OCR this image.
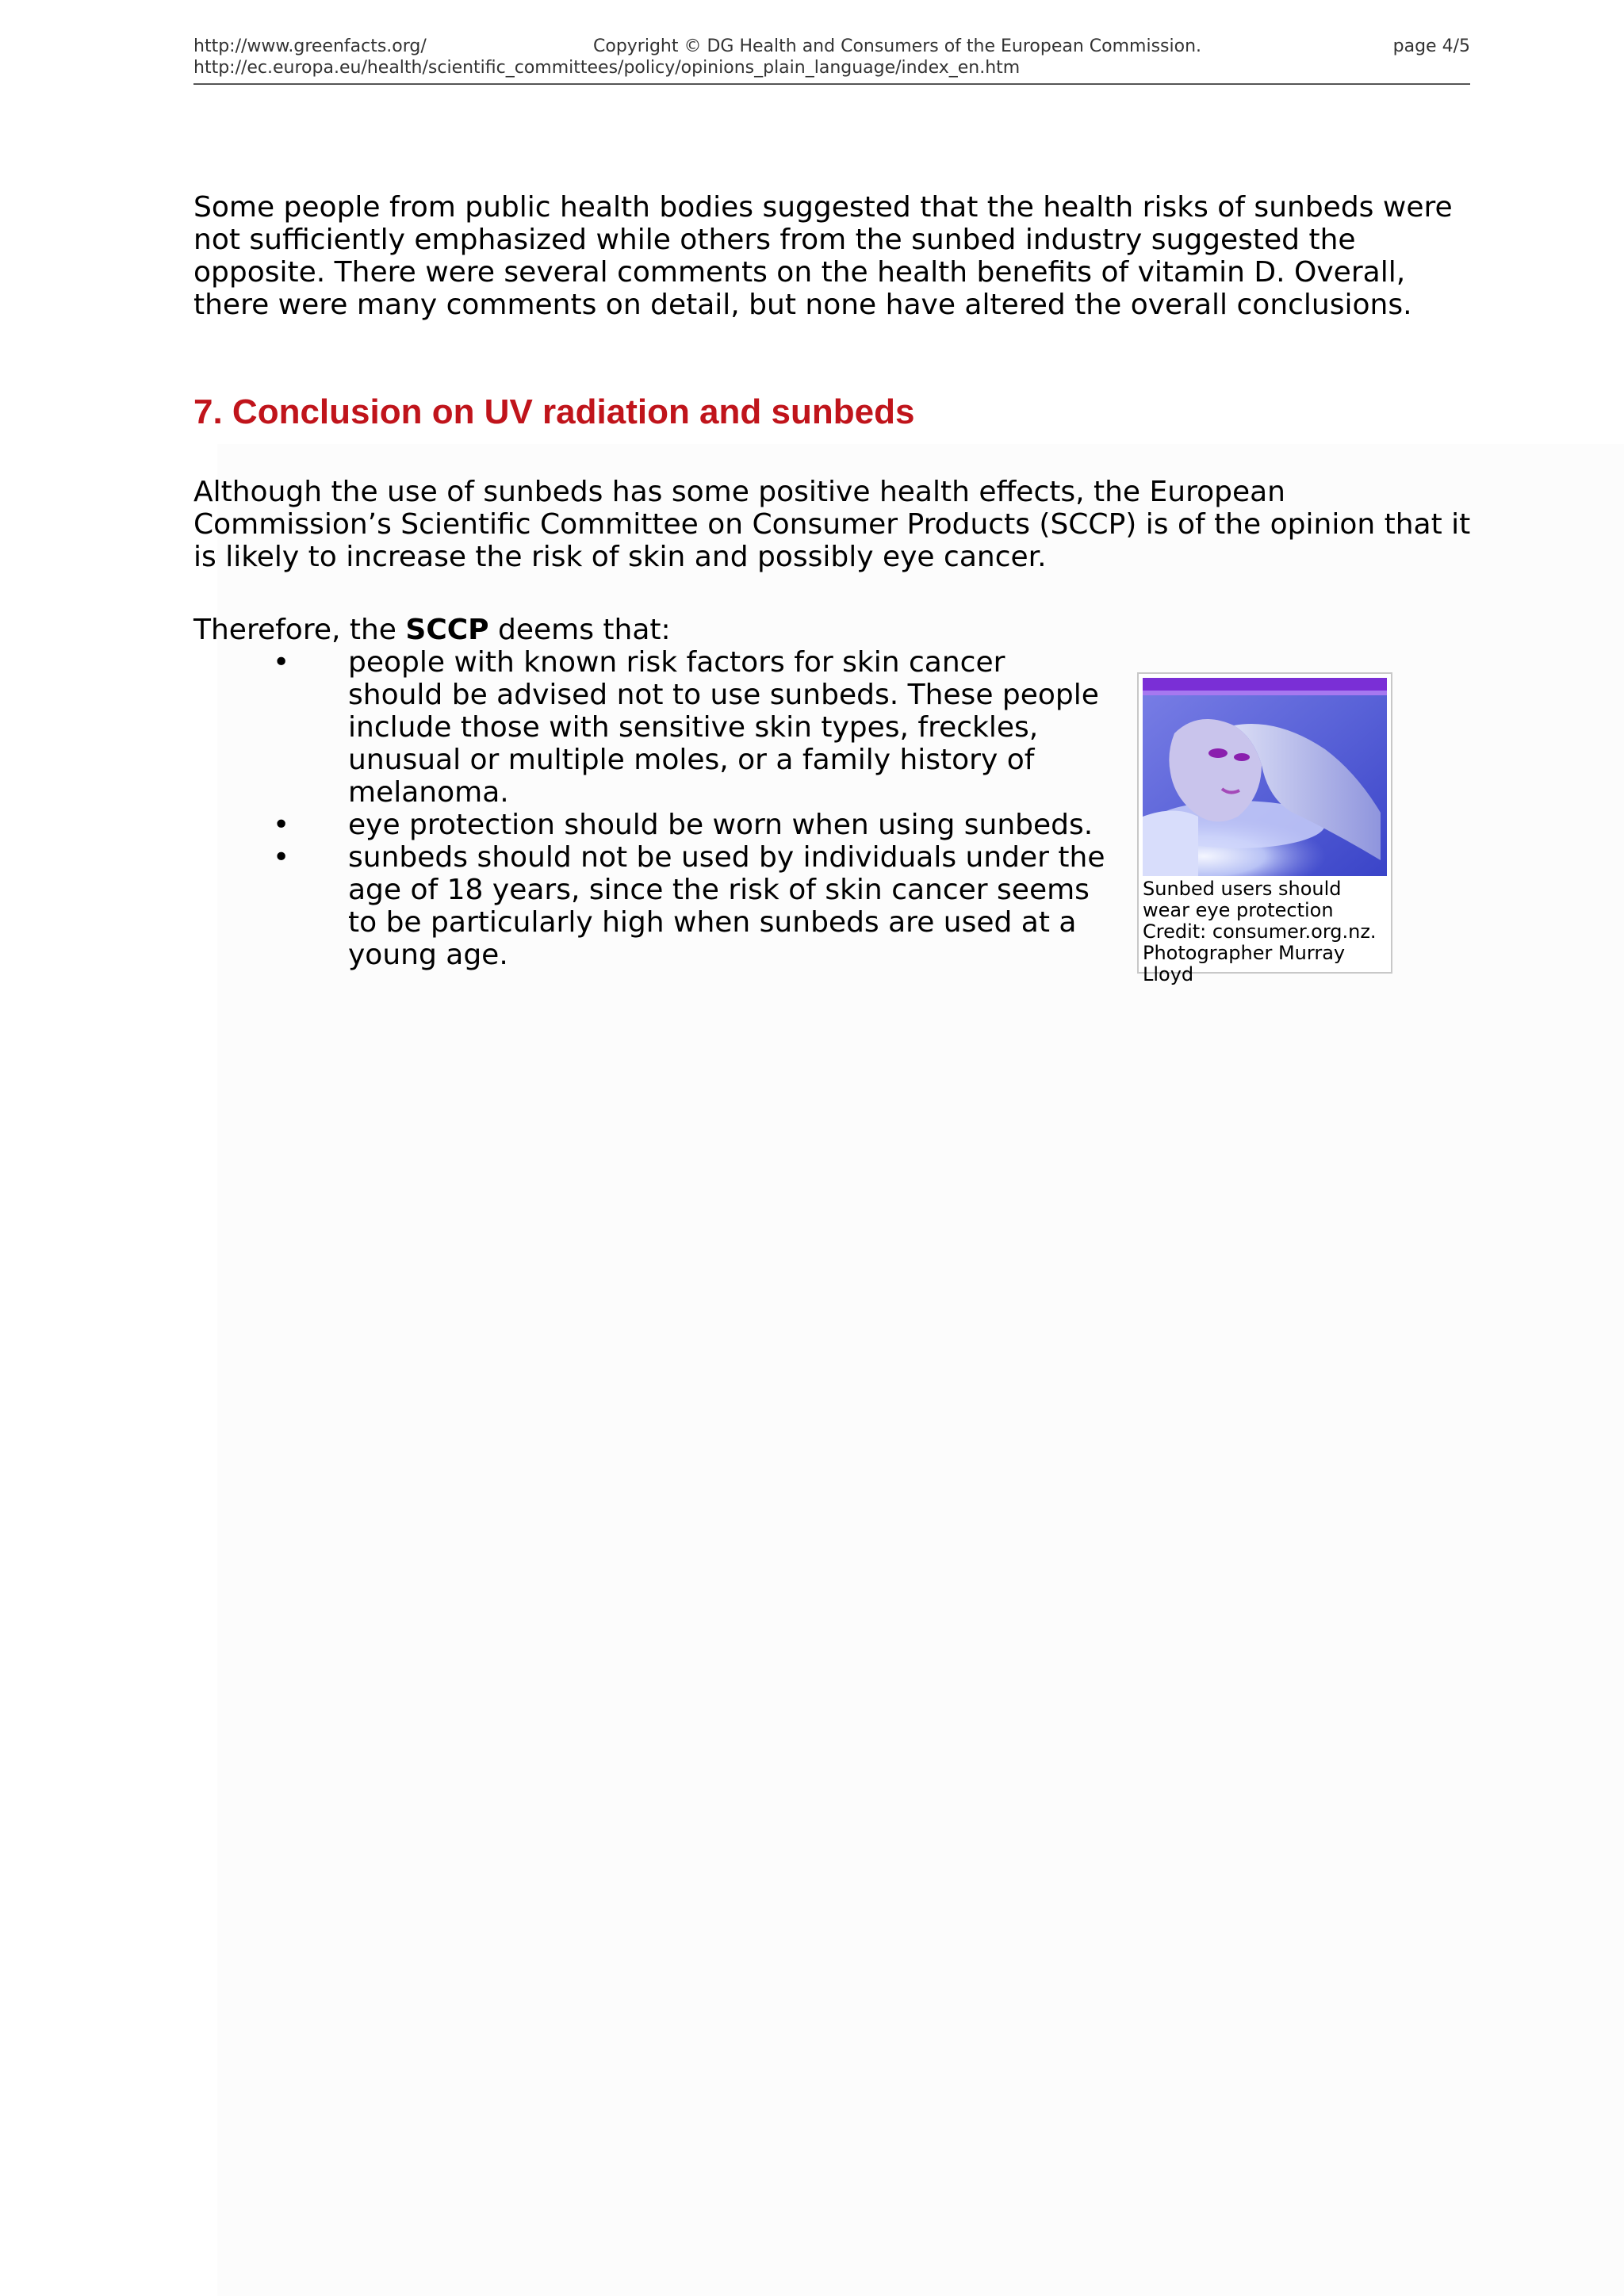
http://www.greenfacts.org/	Copyright © DG Health and Consumers of the European Commission.	page 4/5
http://ec.europa.eu/health/scientific_committees/policy/opinions_plain_language/index_en.htm
Some people from public health bodies suggested that the health risks of sunbeds were not sufficiently emphasized while others from the sunbed industry suggested the opposite. There were several comments on the health benefits of vitamin D. Overall, there were many comments on detail, but none have altered the overall conclusions.
7. Conclusion on UV radiation and sunbeds
Although the use of sunbeds has some positive health effects, the European Commission’s Scientific Committee on Consumer Products (SCCP) is of the opinion that it is likely to increase the risk of skin and possibly eye cancer.
Therefore, the SCCP deems that:
• people with known risk factors for skin cancer should be advised not to use sunbeds. These people include those with sensitive skin types, freckles, unusual or multiple moles, or a family history of melanoma.
• eye protection should be worn when using sunbeds.
• sunbeds should not be used by individuals under the age of 18 years, since the risk of skin cancer seems to be particularly high when sunbeds are used at a young age.
Sunbed users should wear eye protection
Credit: consumer.org.nz.
Photographer Murray Lloyd
